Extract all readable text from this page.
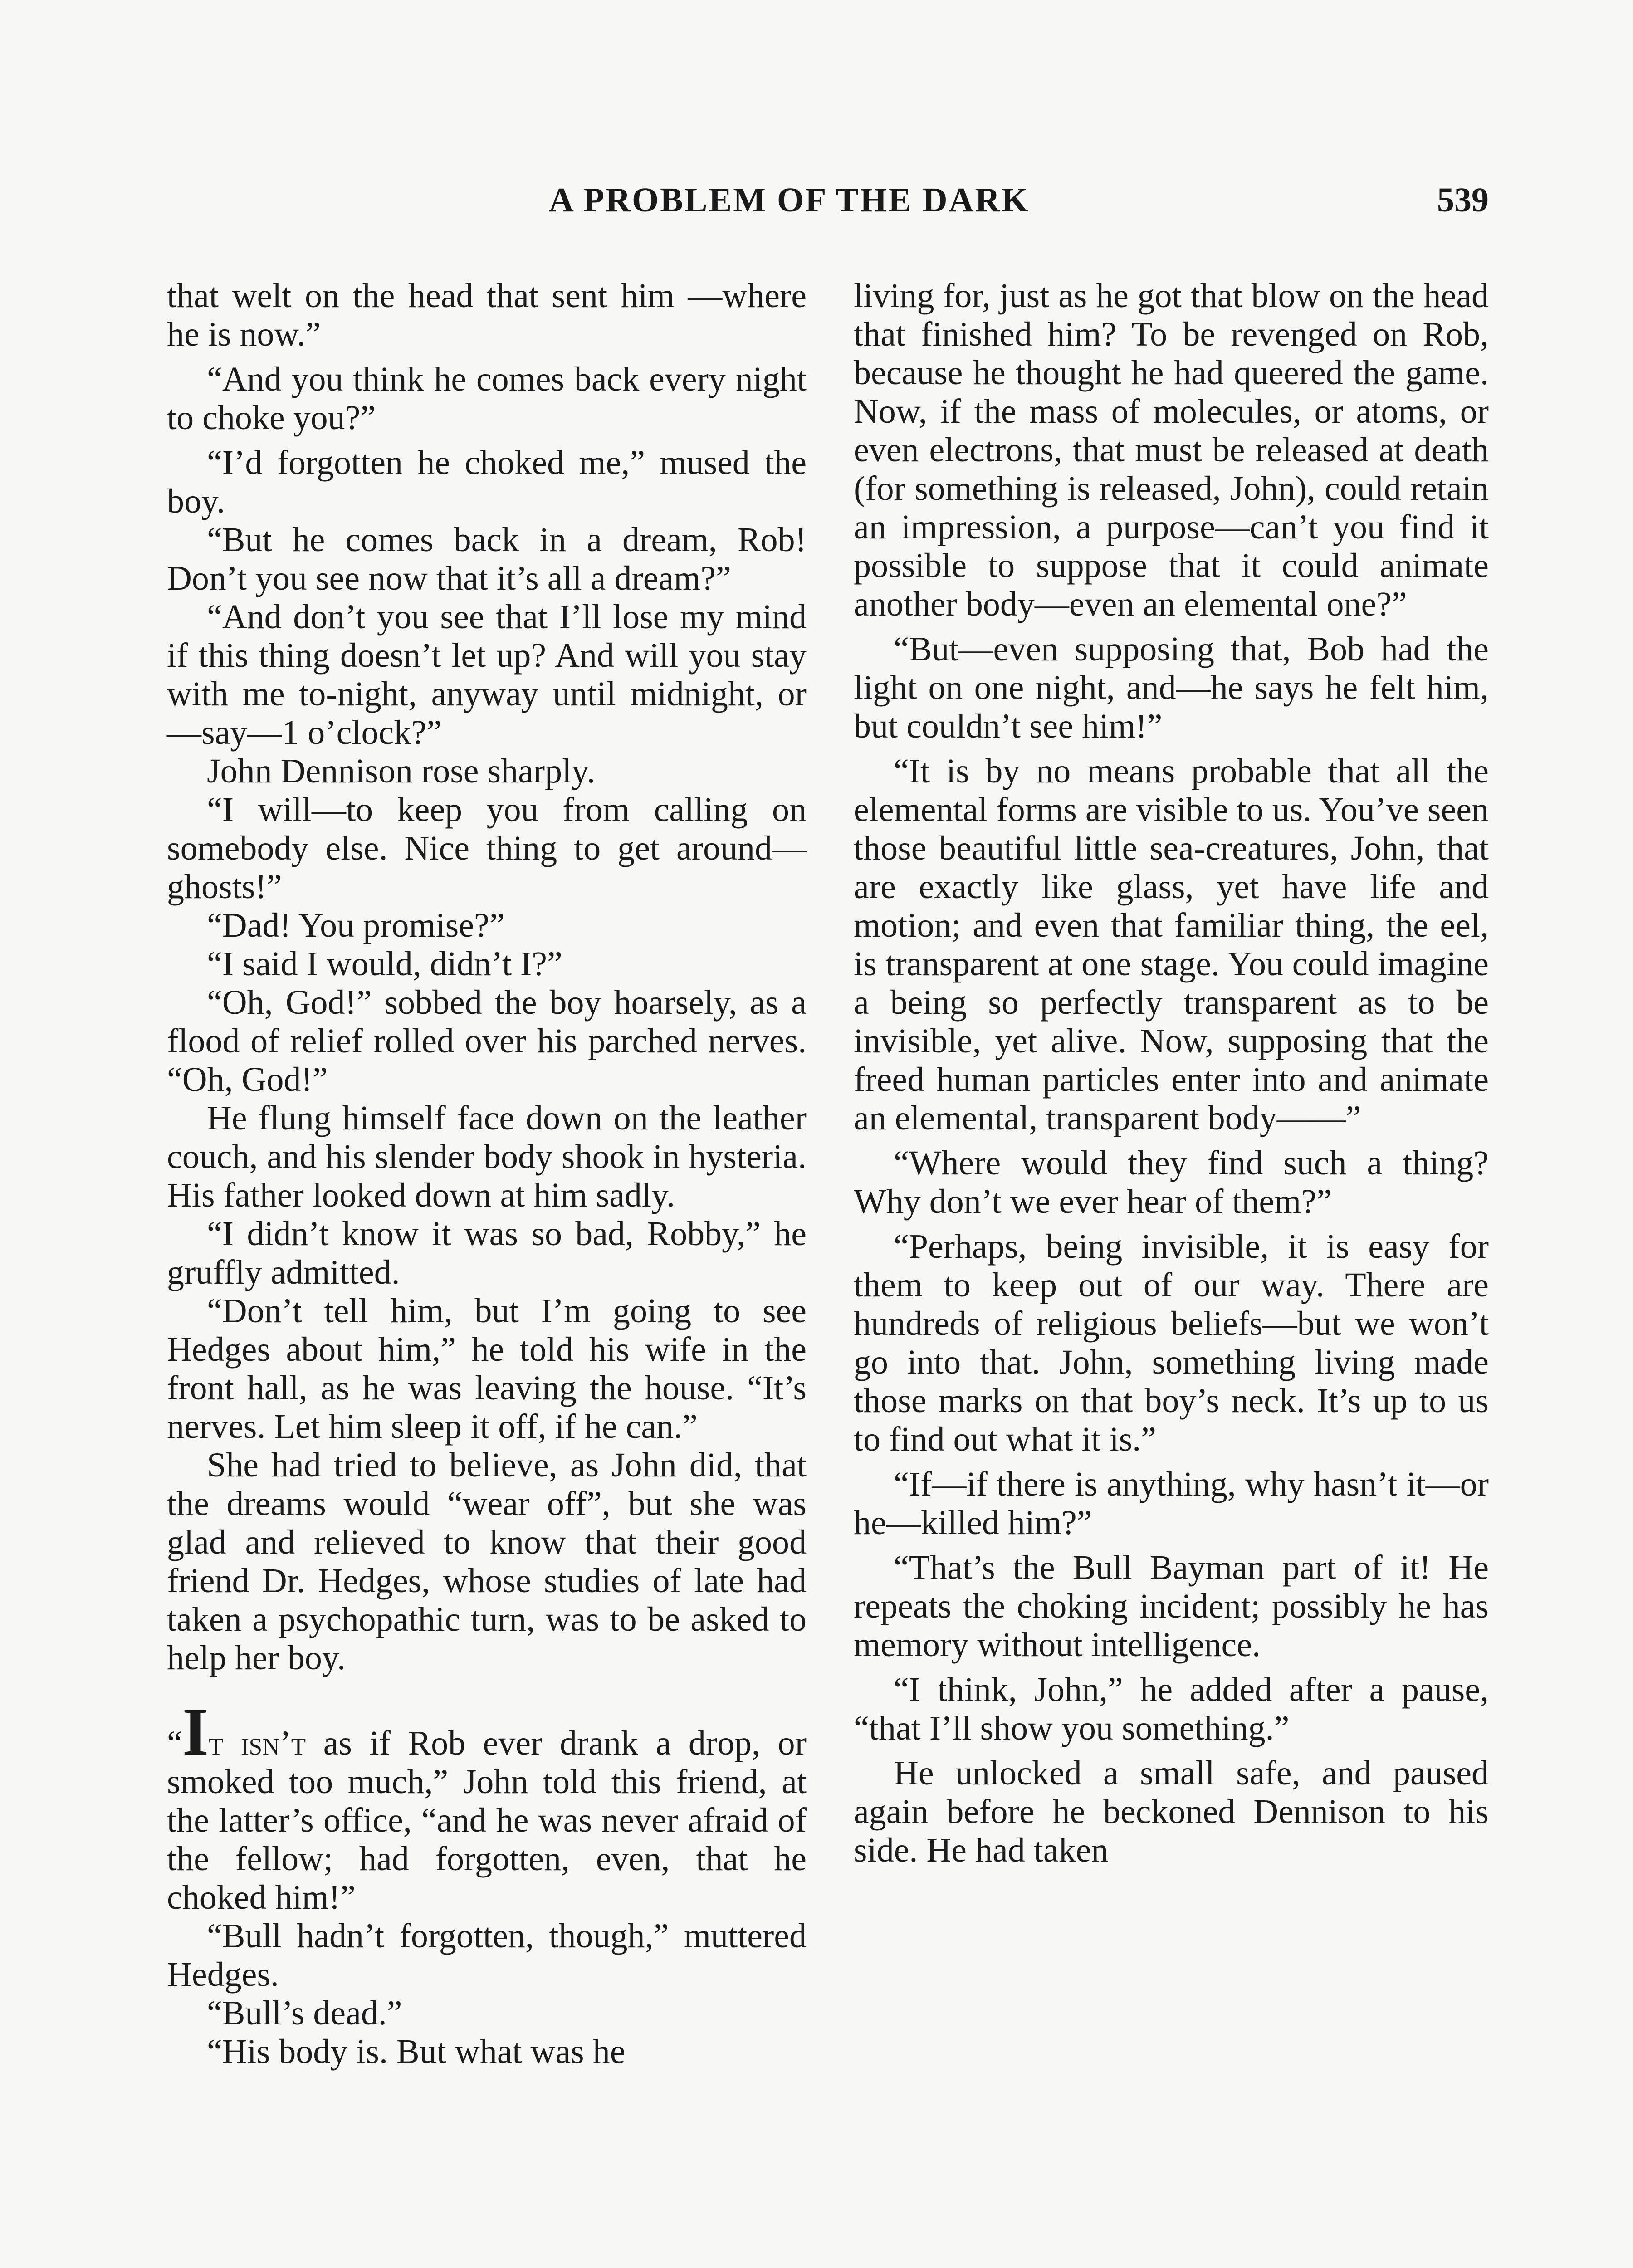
A PROBLEM OF THE DARK	539

that welt on the head that sent him —where he is now.”

“And you think he comes back every night to choke you?”

“I’d forgotten he choked me,” mused the boy.

“But he comes back in a dream, Rob! Don’t you see now that it’s all a dream?”

“And don’t you see that I’ll lose my mind if this thing doesn’t let up? And will you stay with me to-night, anyway until midnight, or—say—1 o’clock?”

John Dennison rose sharply.

“I will—to keep you from calling on somebody else. Nice thing to get around—ghosts!”

“Dad! You promise?”

“I said I would, didn’t I?”

“Oh, God!” sobbed the boy hoarsely, as a flood of relief rolled over his parched nerves. “Oh, God!”

He flung himself face down on the leather couch, and his slender body shook in hysteria. His father looked down at him sadly.

“I didn’t know it was so bad, Robby,” he gruffly admitted.

“Don’t tell him, but I’m going to see Hedges about him,” he told his wife in the front hall, as he was leaving the house. “It’s nerves. Let him sleep it off, if he can.”

She had tried to believe, as John did, that the dreams would “wear off”, but she was glad and relieved to know that their good friend Dr. Hedges, whose studies of late had taken a psychopathic turn, was to be asked to help her boy.

“It isn’t as if Rob ever drank a drop, or smoked too much,” John told this friend, at the latter’s office, “and he was never afraid of the fellow; had forgotten, even, that he choked him!”

“Bull hadn’t forgotten, though,” muttered Hedges.

“Bull’s dead.”

“His body is. But what was he

living for, just as he got that blow on the head that finished him? To be revenged on Rob, because he thought he had queered the game. Now, if the mass of molecules, or atoms, or even electrons, that must be released at death (for something is released, John), could retain an impression, a purpose—can’t you find it possible to suppose that it could animate another body—even an elemental one?”

“But—even supposing that, Bob had the light on one night, and—he says he felt him, but couldn’t see him!”

“It is by no means probable that all the elemental forms are visible to us. You’ve seen those beautiful little sea-creatures, John, that are exactly like glass, yet have life and motion; and even that familiar thing, the eel, is transparent at one stage. You could imagine a being so perfectly transparent as to be invisible, yet alive. Now, supposing that the freed human particles enter into and animate an elemental, transparent body——”

“Where would they find such a thing? Why don’t we ever hear of them?”

“Perhaps, being invisible, it is easy for them to keep out of our way. There are hundreds of religious beliefs—but we won’t go into that. John, something living made those marks on that boy’s neck. It’s up to us to find out what it is.”

“If—if there is anything, why hasn’t it—or he—killed him?”

“That’s the Bull Bayman part of it! He repeats the choking incident; possibly he has memory without intelligence.

“I think, John,” he added after a pause, “that I’ll show you something.”

He unlocked a small safe, and paused again before he beckoned Dennison to his side. He had taken
